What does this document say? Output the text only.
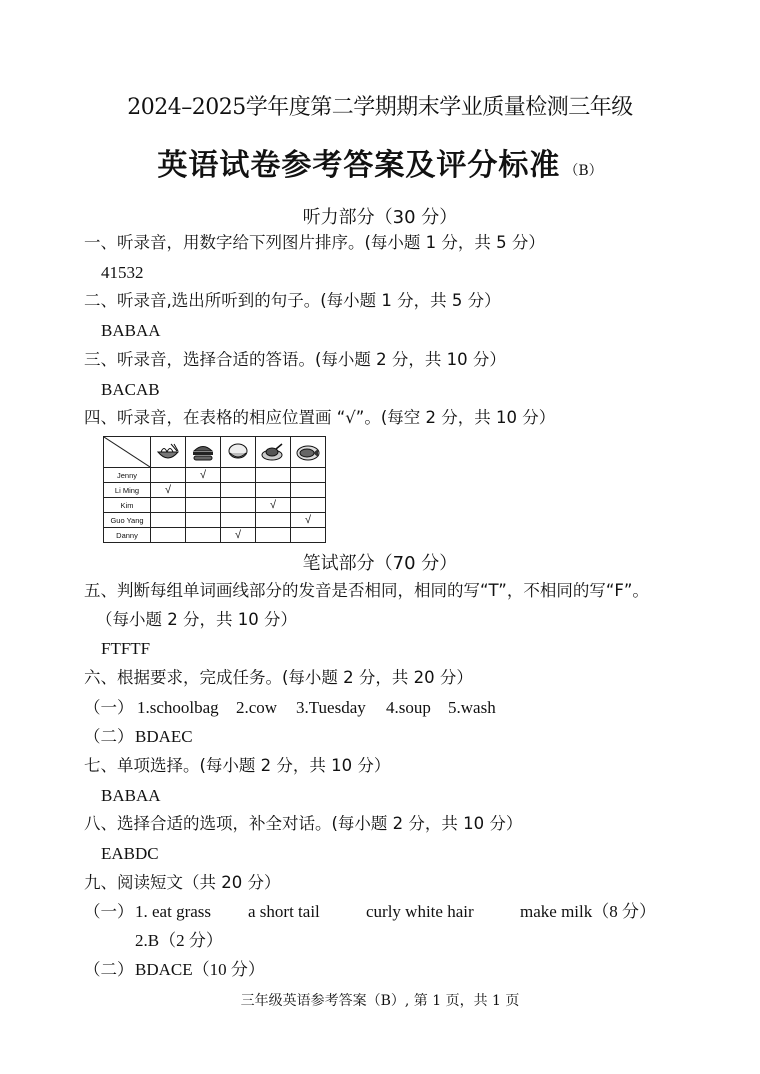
2024–2025学年度第二学期期末学业质量检测三年级
英语试卷参考答案及评分标准 （B）
听力部分（30 分）
一、听录音，用数字给下列图片排序。(每小题 1 分，共 5 分）
41532
二、听录音,选出所听到的句子。(每小题 1 分，共 5 分）
BABAA
三、听录音，选择合适的答语。(每小题 2 分，共 10 分）
BACAB
四、听录音，在表格的相应位置画 “√”。(每空 2 分，共 10 分）

Jenny		√			
Li Ming	√				
Kim				√	
Guo Yang					√
Danny			√		
笔试部分（70 分）
五、判断每组单词画线部分的发音是否相同，相同的写“T”，不相同的写“F”。
（每小题 2 分，共 10 分）
FTFTF
六、根据要求，完成任务。(每小题 2 分，共 20 分）
（一） 1.schoolbag 2.cow 3.Tuesday 4.soup 5.wash
（二） BDAEC
七、单项选择。(每小题 2 分，共 10 分）
BABAA
八、选择合适的选项，补全对话。(每小题 2 分，共 10 分）
EABDC
九、阅读短文（共 20 分）
（一） 1. eat grass a short tail	curly white hair	make milk（8 分）
2.B（2 分）
（二） BDACE（10 分）
三年级英语参考答案（B）, 第 1 页，共 1 页
